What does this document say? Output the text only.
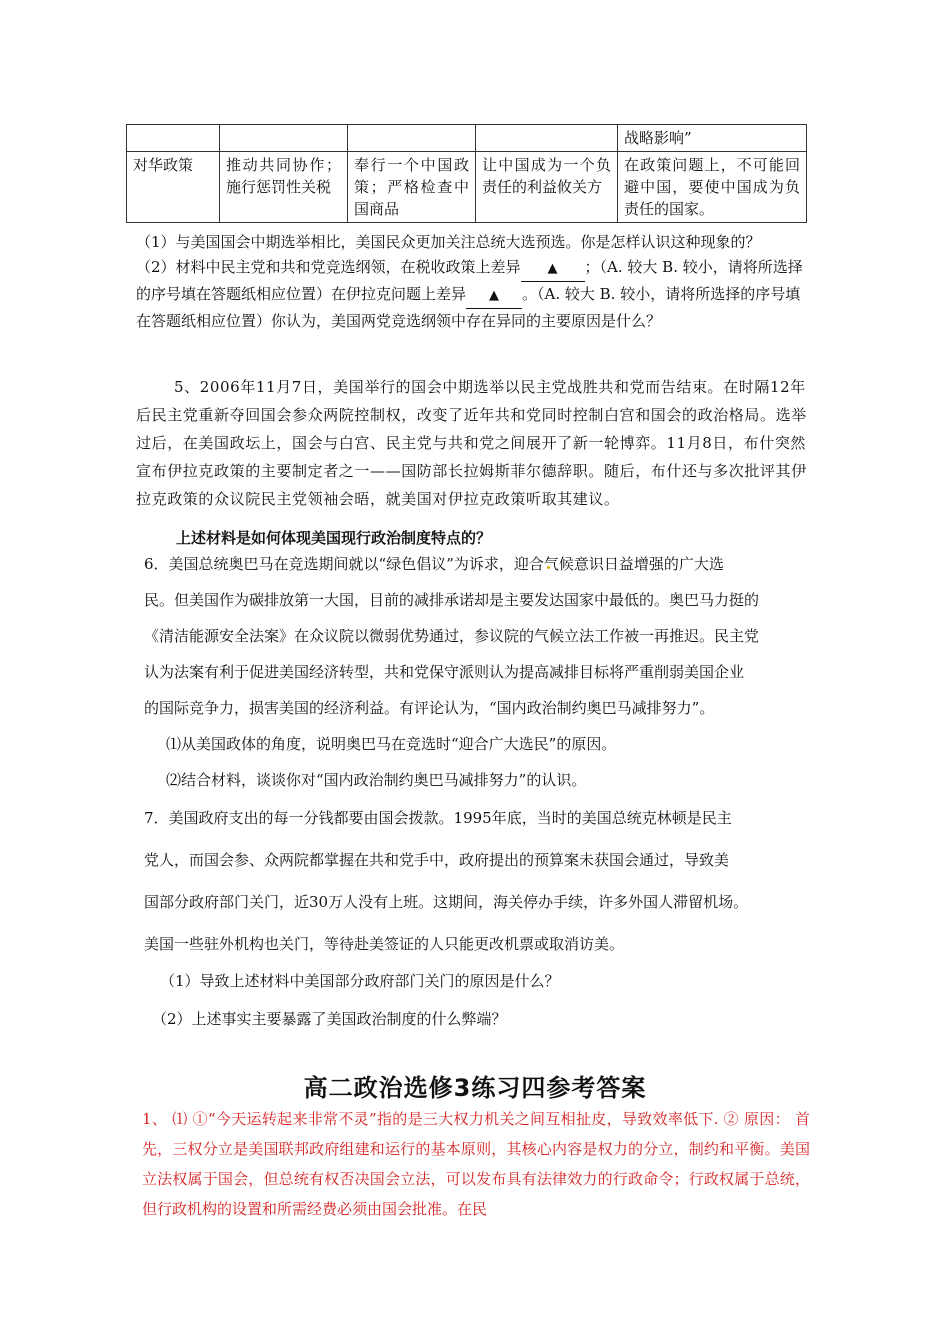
				战略影响”
对华政策	推动共同协作；施行惩罚性关税	奉行一个中国政策；严格检查中国商品	让中国成为一个负责任的利益攸关方	在政策问题上，不可能回避中国，要使中国成为负责任的国家。
（1）与美国国会中期选举相比，美国民众更加关注总统大选预选。你是怎样认识这种现象的？
（2）材料中民主党和共和党竞选纲领，在税收政策上差异 ▲ ；（A. 较大 B. 较小，请将所选择的序号填在答题纸相应位置）在伊拉克问题上差异 ▲ 。（A. 较大 B. 较小，请将所选择的序号填在答题纸相应位置）你认为，美国两党竞选纲领中存在异同的主要原因是什么？
5、2006年11月7日，美国举行的国会中期选举以民主党战胜共和党而告结束。在时隔12年后民主党重新夺回国会参众两院控制权，改变了近年共和党同时控制白宫和国会的政治格局。选举过后，在美国政坛上，国会与白宫、民主党与共和党之间展开了新一轮博弈。11月8日，布什突然宣布伊拉克政策的主要制定者之一——国防部长拉姆斯菲尔德辞职。随后，布什还与多次批评其伊拉克政策的众议院民主党领袖会晤，就美国对伊拉克政策听取其建议。
上述材料是如何体现美国现行政治制度特点的？
6．美国总统奥巴马在竞选期间就以“绿色倡议”为诉求，迎合气候意识日益增强的广大选
民。但美国作为碳排放第一大国，目前的减排承诺却是主要发达国家中最低的。奥巴马力挺的
《清洁能源安全法案》在众议院以微弱优势通过，参议院的气候立法工作被一再推迟。民主党
认为法案有利于促进美国经济转型，共和党保守派则认为提高减排目标将严重削弱美国企业
的国际竞争力，损害美国的经济利益。有评论认为，“国内政治制约奥巴马减排努力”。
⑴从美国政体的角度，说明奥巴马在竞选时“迎合广大选民”的原因。
⑵结合材料，谈谈你对“国内政治制约奥巴马减排努力”的认识。
7．美国政府支出的每一分钱都要由国会拨款。1995年底，当时的美国总统克林顿是民主
党人，而国会参、众两院都掌握在共和党手中，政府提出的预算案未获国会通过，导致美
国部分政府部门关门，近30万人没有上班。这期间，海关停办手续，许多外国人滞留机场。
美国一些驻外机构也关门，等待赴美签证的人只能更改机票或取消访美。
（1）导致上述材料中美国部分政府部门关门的原因是什么？
（2）上述事实主要暴露了美国政治制度的什么弊端？
高二政治选修3练习四参考答案
1、 ⑴ ①“今天运转起来非常不灵”指的是三大权力机关之间互相扯皮，导致效率低下. ② 原因： 首先，三权分立是美国联邦政府组建和运行的基本原则，其核心内容是权力的分立，制约和平衡。美国立法权属于国会，但总统有权否决国会立法，可以发布具有法律效力的行政命令；行政权属于总统，但行政机构的设置和所需经费必须由国会批准。在民
